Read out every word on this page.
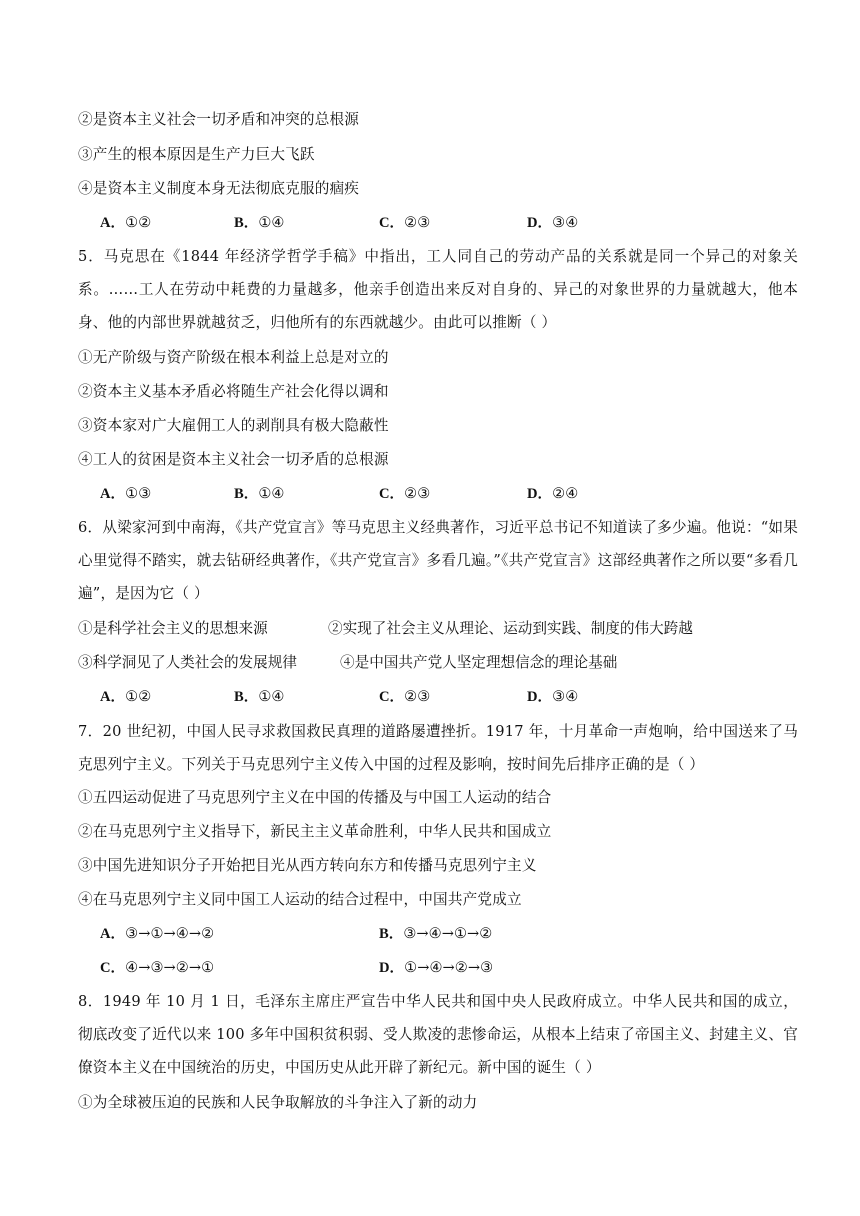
②是资本主义社会一切矛盾和冲突的总根源
③产生的根本原因是生产力巨大飞跃
④是资本主义制度本身无法彻底克服的痼疾
A．①②	B．①④	C．②③	D．③④
5．马克思在《1844 年经济学哲学手稿》中指出，工人同自己的劳动产品的关系就是同一个异己的对象关系。……工人在劳动中耗费的力量越多，他亲手创造出来反对自身的、异己的对象世界的力量就越大，他本身、他的内部世界就越贫乏，归他所有的东西就越少。由此可以推断（ ）
①无产阶级与资产阶级在根本利益上总是对立的
②资本主义基本矛盾必将随生产社会化得以调和
③资本家对广大雇佣工人的剥削具有极大隐蔽性
④工人的贫困是资本主义社会一切矛盾的总根源
A．①③	B．①④	C．②③	D．②④
6．从梁家河到中南海，《共产党宣言》等马克思主义经典著作，习近平总书记不知道读了多少遍。他说：“如果心里觉得不踏实，就去钻研经典著作，《共产党宣言》多看几遍。”《共产党宣言》这部经典著作之所以要“多看几遍”，是因为它（ ）
①是科学社会主义的思想来源	②实现了社会主义从理论、运动到实践、制度的伟大跨越
③科学洞见了人类社会的发展规律	④是中国共产党人坚定理想信念的理论基础
A．①②	B．①④	C．②③	D．③④
7．20 世纪初，中国人民寻求救国救民真理的道路屡遭挫折。1917 年，十月革命一声炮响，给中国送来了马克思列宁主义。下列关于马克思列宁主义传入中国的过程及影响，按时间先后排序正确的是（ ）
①五四运动促进了马克思列宁主义在中国的传播及与中国工人运动的结合
②在马克思列宁主义指导下，新民主主义革命胜利，中华人民共和国成立
③中国先进知识分子开始把目光从西方转向东方和传播马克思列宁主义
④在马克思列宁主义同中国工人运动的结合过程中，中国共产党成立
A．③→①→④→②	B．③→④→①→②
C．④→③→②→①	D．①→④→②→③
8．1949 年 10 月 1 日，毛泽东主席庄严宣告中华人民共和国中央人民政府成立。中华人民共和国的成立，彻底改变了近代以来 100 多年中国积贫积弱、受人欺凌的悲惨命运，从根本上结束了帝国主义、封建主义、官僚资本主义在中国统治的历史，中国历史从此开辟了新纪元。新中国的诞生（ ）
①为全球被压迫的民族和人民争取解放的斗争注入了新的动力
